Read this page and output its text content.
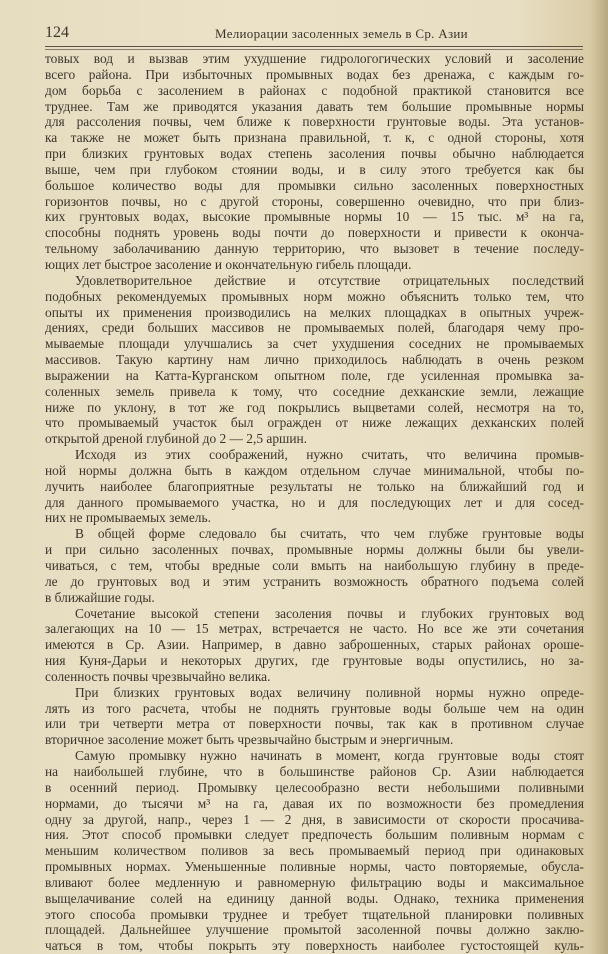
124	Мелиорации засоленных земель в Ср. Азии
товых вод и вызвав этим ухудшение гидрологогических условий и засоление
всего района. При избыточных промывных водах без дренажа, с каждым го-
дом борьба с засолением в районах с подобной практикой становится все
труднее. Там же приводятся указания давать тем большие промывные нормы
для рассоления почвы, чем ближе к поверхности грунтовые воды. Эта установ-
ка также не может быть признана правильной, т. к, с одной стороны, хотя
при близких грунтовых водах степень засоления почвы обычно наблюдается
выше, чем при глубоком стоянии воды, и в силу этого требуется как бы
большое количество воды для промывки сильно засоленных поверхностных
горизонтов почвы, но с другой стороны, совершенно очевидно, что при близ-
ких грунтовых водах, высокие промывные нормы 10 — 15 тыс. м³ на га,
способны поднять уровень воды почти до поверхности и привести к оконча-
тельному заболачиванию данную территорию, что вызовет в течение последу-
ющих лет быстрое засоление и окончательную гибель площади.
Удовлетворительное действие и отсутствие отрицательных последствий
подобных рекомендуемых промывных норм можно объяснить только тем, что
опыты их применения производились на мелких площадках в опытных учреж-
дениях, среди больших массивов не промываемых полей, благодаря чему про-
мываемые площади улучшались за счет ухудшения соседних не промываемых
массивов. Такую картину нам лично приходилось наблюдать в очень резком
выражении на Катта-Курганском опытном поле, где усиленная промывка за-
соленных земель привела к тому, что соседние дехканские земли, лежащие
ниже по уклону, в тот же год покрылись выцветами солей, несмотря на то,
что промываемый участок был огражден от ниже лежащих дехканских полей
открытой дреной глубиной до 2 — 2,5 аршин.
Исходя из этих соображений, нужно считать, что величина промыв-
ной нормы должна быть в каждом отдельном случае минимальной, чтобы по-
лучить наиболее благоприятные результаты не только на ближайший год и
для данного промываемого участка, но и для последующих лет и для сосед-
них не промываемых земель.
В общей форме следовало бы считать, что чем глубже грунтовые воды
и при сильно засоленных почвах, промывные нормы должны были бы увели-
чиваться, с тем, чтобы вредные соли вмыть на наибольшую глубину в преде-
ле до грунтовых вод и этим устранить возможность обратного подъема солей
в ближайшие годы.
Сочетание высокой степени засоления почвы и глубоких грунтовых вод
залегающих на 10 — 15 метрах, встречается не часто. Но все же эти сочетания
имеются в Ср. Азии. Например, в давно заброшенных, старых районах ороше-
ния Куня-Дарьи и некоторых других, где грунтовые воды опустились, но за-
соленность почвы чрезвычайно велика.
При близких грунтовых водах величину поливной нормы нужно опреде-
лять из того расчета, чтобы не поднять грунтовые воды больше чем на один
или три четверти метра от поверхности почвы, так как в противном случае
вторичное засоление может быть чрезвычайно быстрым и энергичным.
Самую промывку нужно начинать в момент, когда грунтовые воды стоят
на наибольшей глубине, что в большинстве районов Ср. Азии наблюдается
в осенний период. Промывку целесообразно вести небольшими поливными
нормами, до тысячи м³ на га, давая их по возможности без промедления
одну за другой, напр., через 1 — 2 дня, в зависимости от скорости просачива-
ния. Этот способ промывки следует предпочесть большим поливным нормам с
меньшим количеством поливов за весь промываемый период при одинаковых
промывных нормах. Уменьшенные поливные нормы, часто повторяемые, обусла-
вливают более медленную и равномерную фильтрацию воды и максимальное
выщелачивание солей на единицу данной воды. Однако, техника применения
этого способа промывки труднее и требует тщательной планировки поливных
площадей. Дальнейшее улучшение промытой засоленной почвы должно заклю-
чаться в том, чтобы покрыть эту поверхность наиболее густостоящей куль-
